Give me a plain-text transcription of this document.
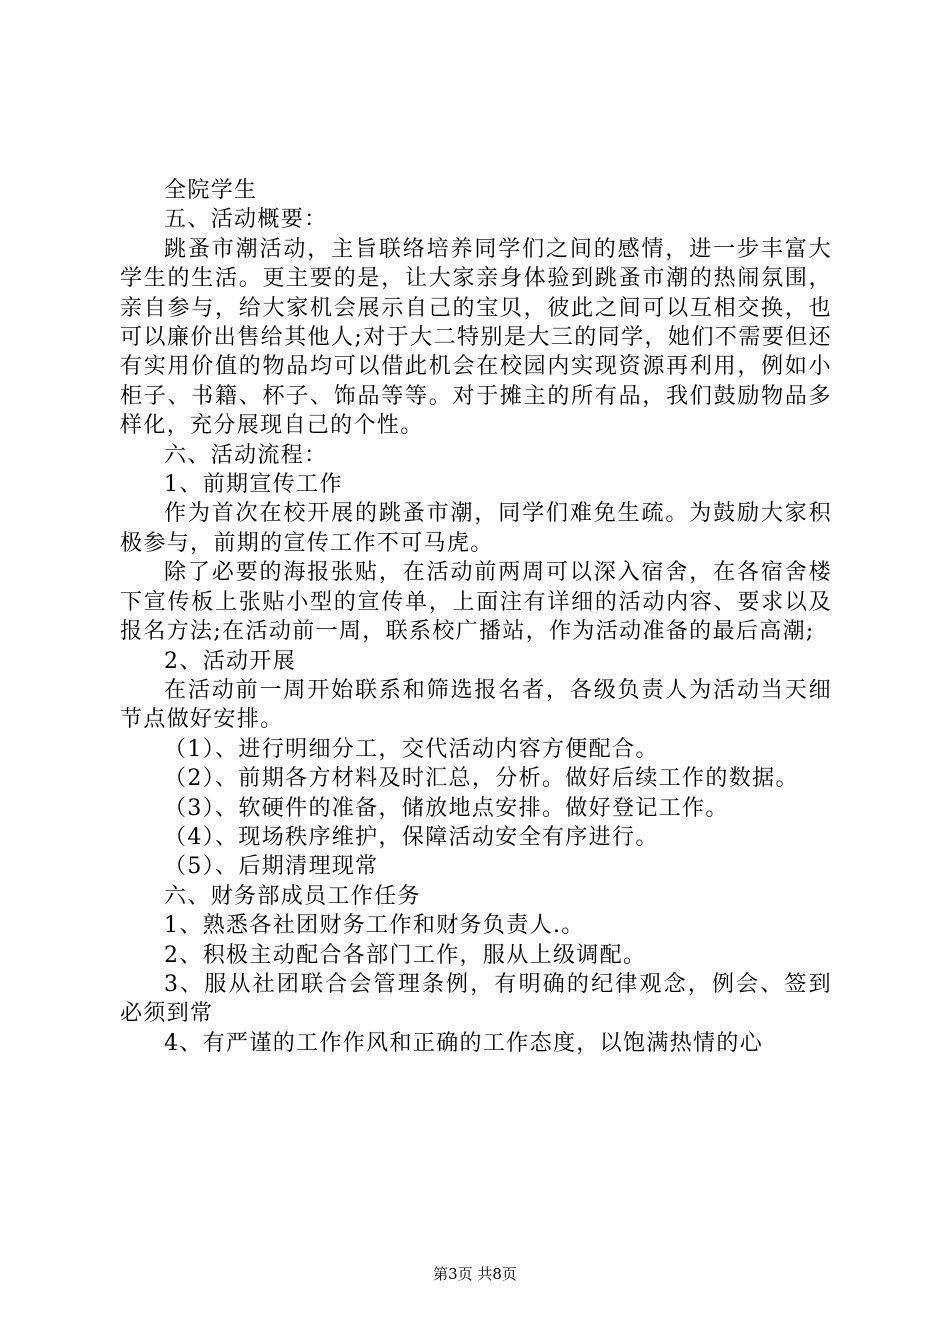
全院学生

五、活动概要：

跳蚤市潮活动，主旨联络培养同学们之间的感情，进一步丰富大学生的生活。更主要的是，让大家亲身体验到跳蚤市潮的热闹氛围，亲自参与，给大家机会展示自己的宝贝，彼此之间可以互相交换，也可以廉价出售给其他人;对于大二特别是大三的同学，她们不需要但还有实用价值的物品均可以借此机会在校园内实现资源再利用，例如小柜子、书籍、杯子、饰品等等。对于摊主的所有品，我们鼓励物品多样化，充分展现自己的个性。

六、活动流程：

1、前期宣传工作

作为首次在校开展的跳蚤市潮，同学们难免生疏。为鼓励大家积极参与，前期的宣传工作不可马虎。

除了必要的海报张贴，在活动前两周可以深入宿舍，在各宿舍楼下宣传板上张贴小型的宣传单，上面注有详细的活动内容、要求以及报名方法;在活动前一周，联系校广播站，作为活动准备的最后高潮;

2、活动开展

在活动前一周开始联系和筛选报名者，各级负责人为活动当天细节点做好安排。

（1）、进行明细分工，交代活动内容方便配合。

（2）、前期各方材料及时汇总，分析。做好后续工作的数据。

（3）、软硬件的准备，储放地点安排。做好登记工作。

（4）、现场秩序维护，保障活动安全有序进行。

（5）、后期清理现常

六、财务部成员工作任务

1、熟悉各社团财务工作和财务负责人.。

2、积极主动配合各部门工作，服从上级调配。

3、服从社团联合会管理条例，有明确的纪律观念，例会、签到必须到常

4、有严谨的工作作风和正确的工作态度，以饱满热情的心

第3页 共8页
